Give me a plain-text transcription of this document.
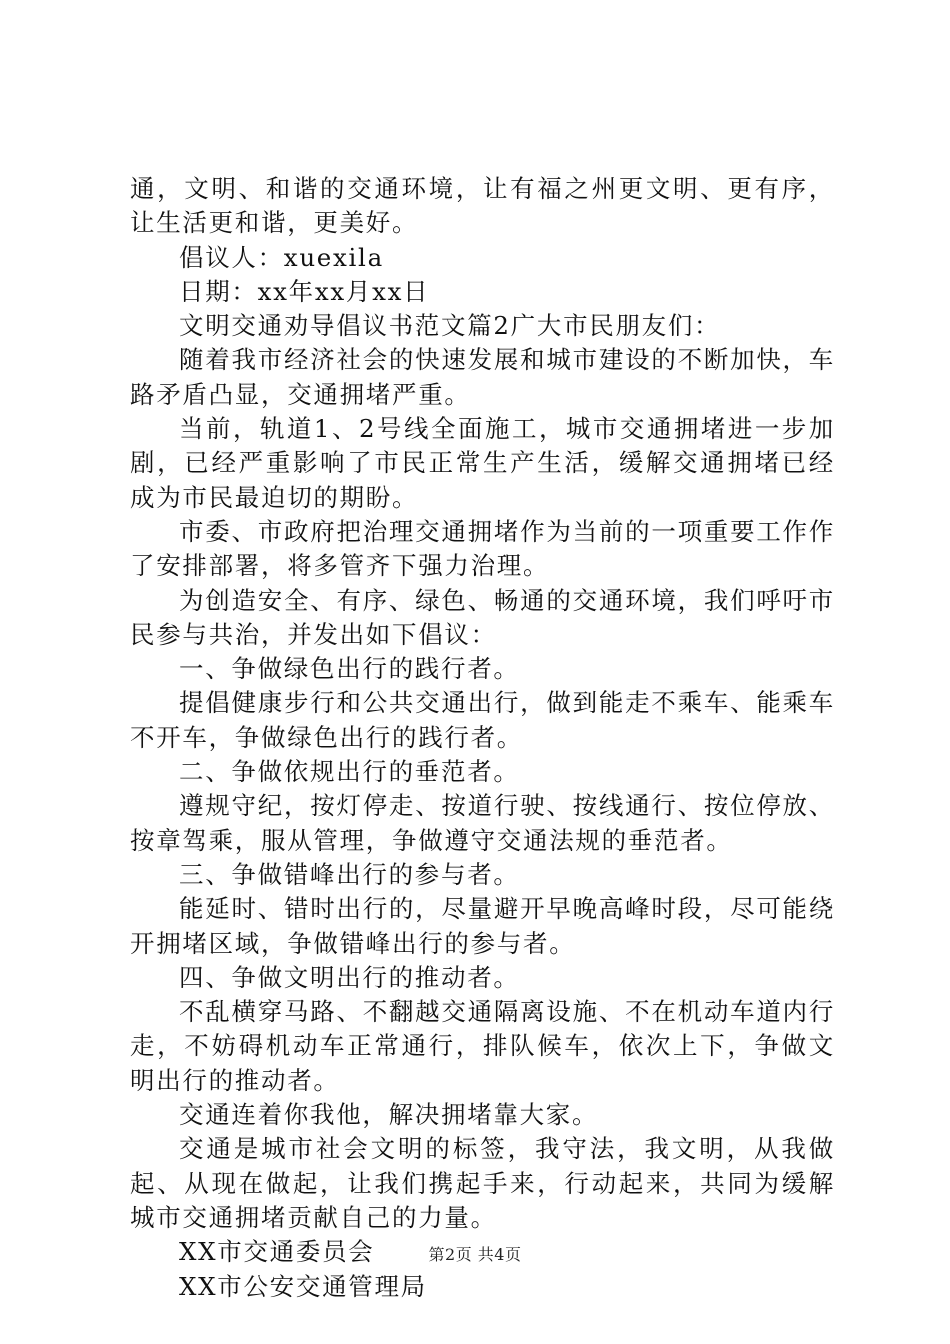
通，文明、和谐的交通环境，让有福之州更文明、更有序，让生活更和谐，更美好。

倡议人：xuexila

日期：xx年xx月xx日

文明交通劝导倡议书范文篇2广大市民朋友们：

随着我市经济社会的快速发展和城市建设的不断加快，车路矛盾凸显，交通拥堵严重。

当前，轨道1、2号线全面施工，城市交通拥堵进一步加剧，已经严重影响了市民正常生产生活，缓解交通拥堵已经成为市民最迫切的期盼。

市委、市政府把治理交通拥堵作为当前的一项重要工作作了安排部署，将多管齐下强力治理。

为创造安全、有序、绿色、畅通的交通环境，我们呼吁市民参与共治，并发出如下倡议：

一、争做绿色出行的践行者。

提倡健康步行和公共交通出行，做到能走不乘车、能乘车不开车，争做绿色出行的践行者。

二、争做依规出行的垂范者。

遵规守纪，按灯停走、按道行驶、按线通行、按位停放、按章驾乘，服从管理，争做遵守交通法规的垂范者。

三、争做错峰出行的参与者。

能延时、错时出行的，尽量避开早晚高峰时段，尽可能绕开拥堵区域，争做错峰出行的参与者。

四、争做文明出行的推动者。

不乱横穿马路、不翻越交通隔离设施、不在机动车道内行走，不妨碍机动车正常通行，排队候车，依次上下，争做文明出行的推动者。

交通连着你我他，解决拥堵靠大家。

交通是城市社会文明的标签，我守法，我文明，从我做起、从现在做起，让我们携起手来，行动起来，共同为缓解城市交通拥堵贡献自己的力量。

XX市交通委员会

XX市公安交通管理局

第2页 共4页
